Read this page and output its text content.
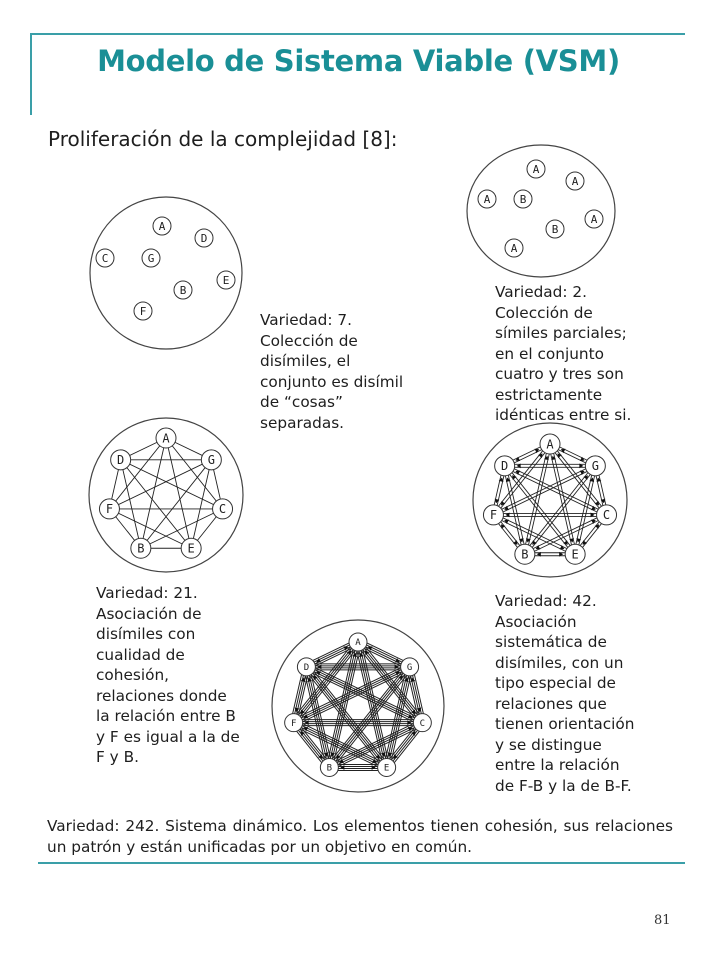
Modelo de Sistema Viable (VSM)
Proliferación de la complejidad [8]:
A
D
C	G
E
B
F
A
A
A	B
A
B
A
A
G
C
E
B
F
D
A
G
C
E
B
F
D
A
G
C
E
B
F
D
Variedad: 7.
Colección de
disímiles, el
conjunto es disímil
de “cosas”
separadas.
Variedad: 2.
Colección de
símiles parciales;
en el conjunto
cuatro y tres son
estrictamente
idénticas entre si.
Variedad: 21.
Asociación de
disímiles con
cualidad de
cohesión,
relaciones donde
la relación entre B
y F es igual a la de
F y B.
Variedad: 42.
Asociación
sistemática de
disímiles, con un
tipo especial de
relaciones que
tienen orientación
y se distingue
entre la relación
de F-B y la de B-F.
Variedad: 242. Sistema dinámico. Los elementos tienen cohesión, sus relaciones un patrón y están unificadas por un objetivo en común.
81
